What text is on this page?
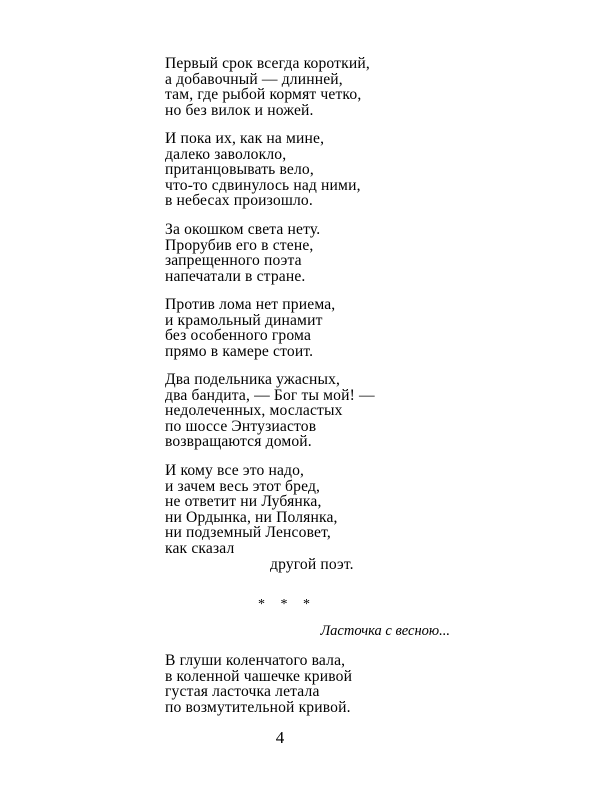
Первый срок всегда короткий,
а добавочный — длинней,
там, где рыбой кормят четко,
но без вилок и ножей.
И пока их, как на мине,
далеко заволокло,
пританцовывать вело,
что-то сдвинулось над ними,
в небесах произошло.
За окошком света нету.
Прорубив его в стене,
запрещенного поэта
напечатали в стране.
Против лома нет приема,
и крамольный динамит
без особенного грома
прямо в камере стоит.
Два подельника ужасных,
два бандита, — Бог ты мой! —
недолеченных, мосластых
по шоссе Энтузиастов
возвращаются домой.
И кому все это надо,
и зачем весь этот бред,
не ответит ни Лубянка,
ни Ордынка, ни Полянка,
ни подземный Ленсовет,
как сказал
другой поэт.
* * *
Ласточка с весною...
В глуши коленчатого вала,
в коленной чашечке кривой
густая ласточка летала
по возмутительной кривой.
4
